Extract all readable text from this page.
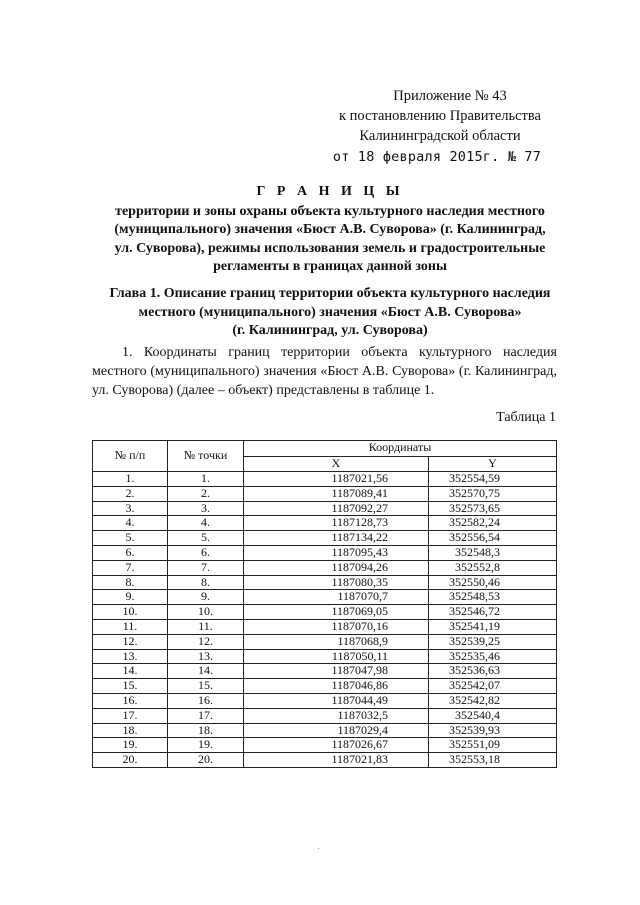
Приложение № 43
к постановлению Правительства
Калининградской области
от 18 февраля 2015г. № 77
Г Р А Н И Ц Ы
территории и зоны охраны объекта культурного наследия местного
(муниципального) значения «Бюст А.В. Суворова» (г. Калининград,
ул. Суворова), режимы использования земель и градостроительные
регламенты в границах данной зоны
Глава 1. Описание границ территории объекта культурного наследия
местного (муниципального) значения «Бюст А.В. Суворова»
(г. Калининград, ул. Суворова)
1. Координаты границ территории объекта культурного наследия местного (муниципального) значения «Бюст А.В. Суворова» (г. Калининград, ул. Суворова) (далее – объект) представлены в таблице 1.
Таблица 1
№ п/п	№ точки	Координаты	
		X	Y
1.	1.	1187021,56	352554,59
2.	2.	1187089,41	352570,75
3.	3.	1187092,27	352573,65
4.	4.	1187128,73	352582,24
5.	5.	1187134,22	352556,54
6.	6.	1187095,43	352548,3
7.	7.	1187094,26	352552,8
8.	8.	1187080,35	352550,46
9.	9.	1187070,7	352548,53
10.	10.	1187069,05	352546,72
11.	11.	1187070,16	352541,19
12.	12.	1187068,9	352539,25
13.	13.	1187050,11	352535,46
14.	14.	1187047,98	352536,63
15.	15.	1187046,86	352542,07
16.	16.	1187044,49	352542,82
17.	17.	1187032,5	352540,4
18.	18.	1187029,4	352539,93
19.	19.	1187026,67	352551,09
20.	20.	1187021,83	352553,18
